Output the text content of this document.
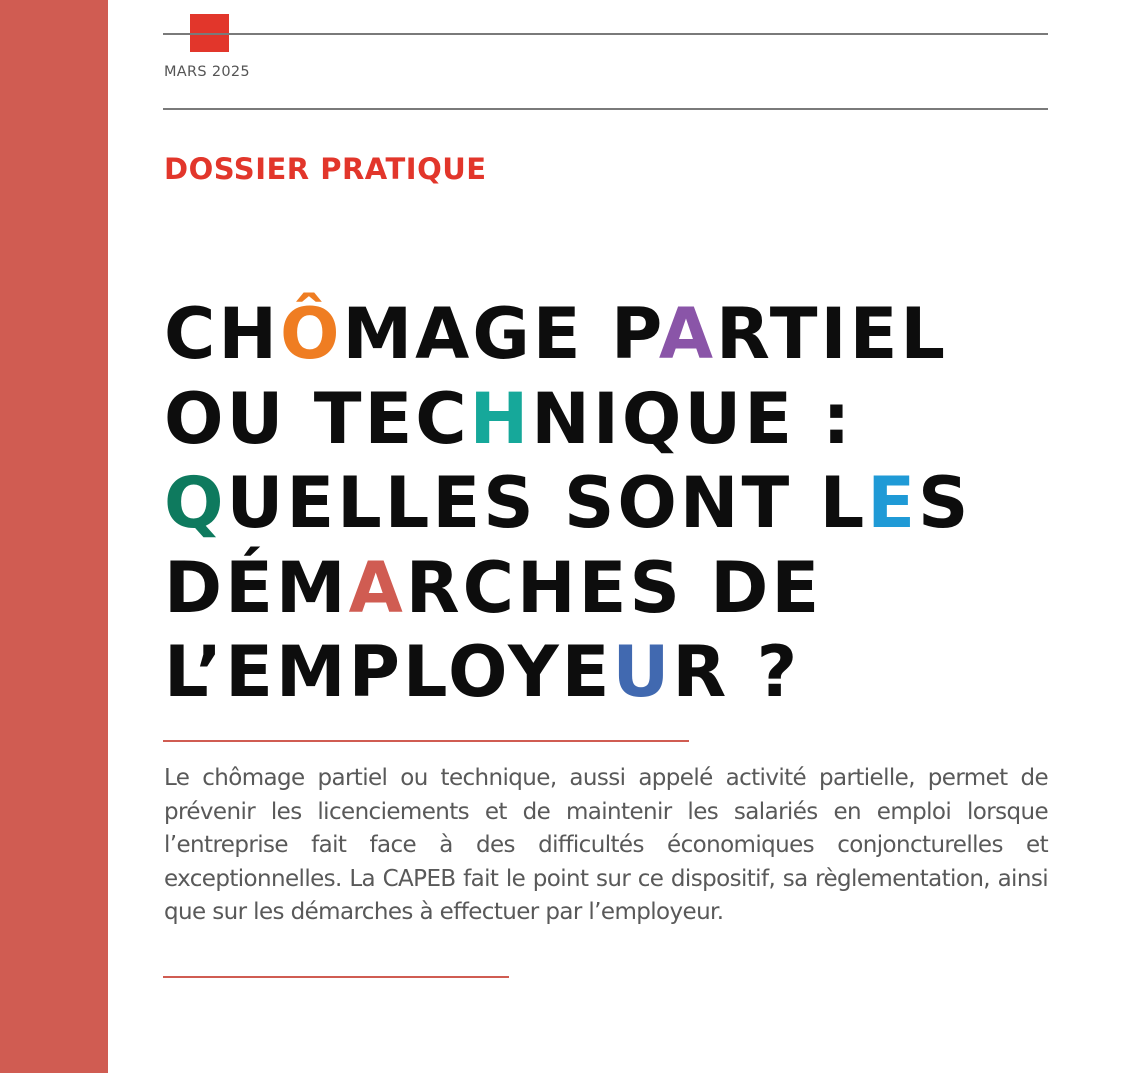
MARS 2025
DOSSIER PRATIQUE
CHÔMAGE PARTIEL
OU TECHNIQUE :
QUELLES SONT LES
DÉMARCHES DE
L’EMPLOYEUR ?

Le chômage partiel ou technique, aussi appelé activité partielle, permet de prévenir les licenciements et de maintenir les salariés en emploi lorsque l’entreprise fait face à des difficultés économiques conjoncturelles et exceptionnelles. La CAPEB fait le point sur ce dispositif, sa règlementation, ainsi que sur les démarches à effectuer par l’employeur.
